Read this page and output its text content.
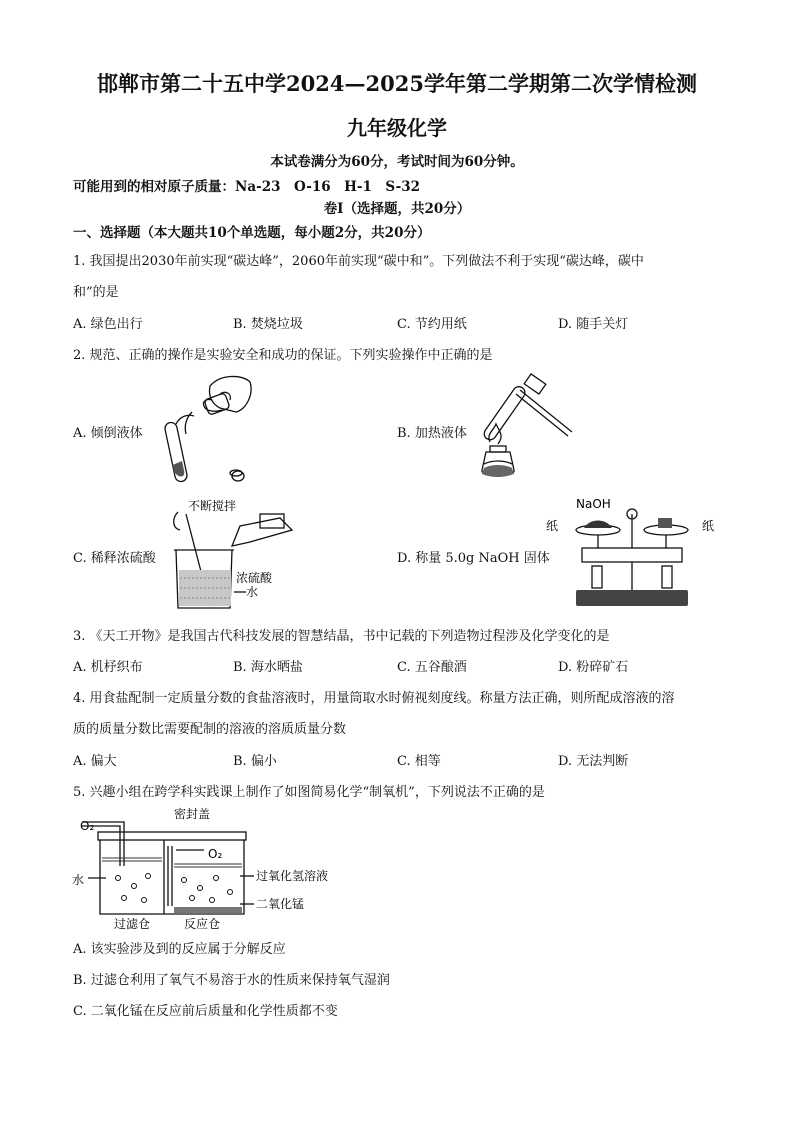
邯郸市第二十五中学2024—2025学年第二学期第二次学情检测
九年级化学
本试卷满分为60分，考试时间为60分钟。
可能用到的相对原子质量：Na-23　O-16　H-1　S-32
卷Ⅰ（选择题，共20分）
一、选择题（本大题共10个单选题，每小题2分，共20分）
1. 我国提出2030年前实现“碳达峰”，2060年前实现“碳中和”。下列做法不利于实现“碳达峰，碳中
和”的是
A. 绿色出行	B. 焚烧垃圾	C. 节约用纸	D. 随手关灯
2. 规范、正确的操作是实验安全和成功的保证。下列实验操作中正确的是
A. 倾倒液体	B. 加热液体
C. 稀释浓硫酸	D. 称量 5.0g NaOH 固体
不断搅拌
浓硫酸
水
NaOH
纸	纸
3. 《天工开物》是我国古代科技发展的智慧结晶，书中记载的下列造物过程涉及化学变化的是
A. 机杼织布	B. 海水晒盐	C. 五谷酿酒	D. 粉碎矿石
4. 用食盐配制一定质量分数的食盐溶液时，用量筒取水时俯视刻度线。称量方法正确，则所配成溶液的溶
质的质量分数比需要配制的溶液的溶质质量分数
A. 偏大	B. 偏小	C. 相等	D. 无法判断
5. 兴趣小组在跨学科实践课上制作了如图简易化学“制氧机”，下列说法不正确的是
密封盖
O₂
O₂
水	过氧化氢溶液
二氧化锰
过滤仓	反应仓
A. 该实验涉及到的反应属于分解反应
B. 过滤仓利用了氧气不易溶于水的性质来保持氧气湿润
C. 二氧化锰在反应前后质量和化学性质都不变
